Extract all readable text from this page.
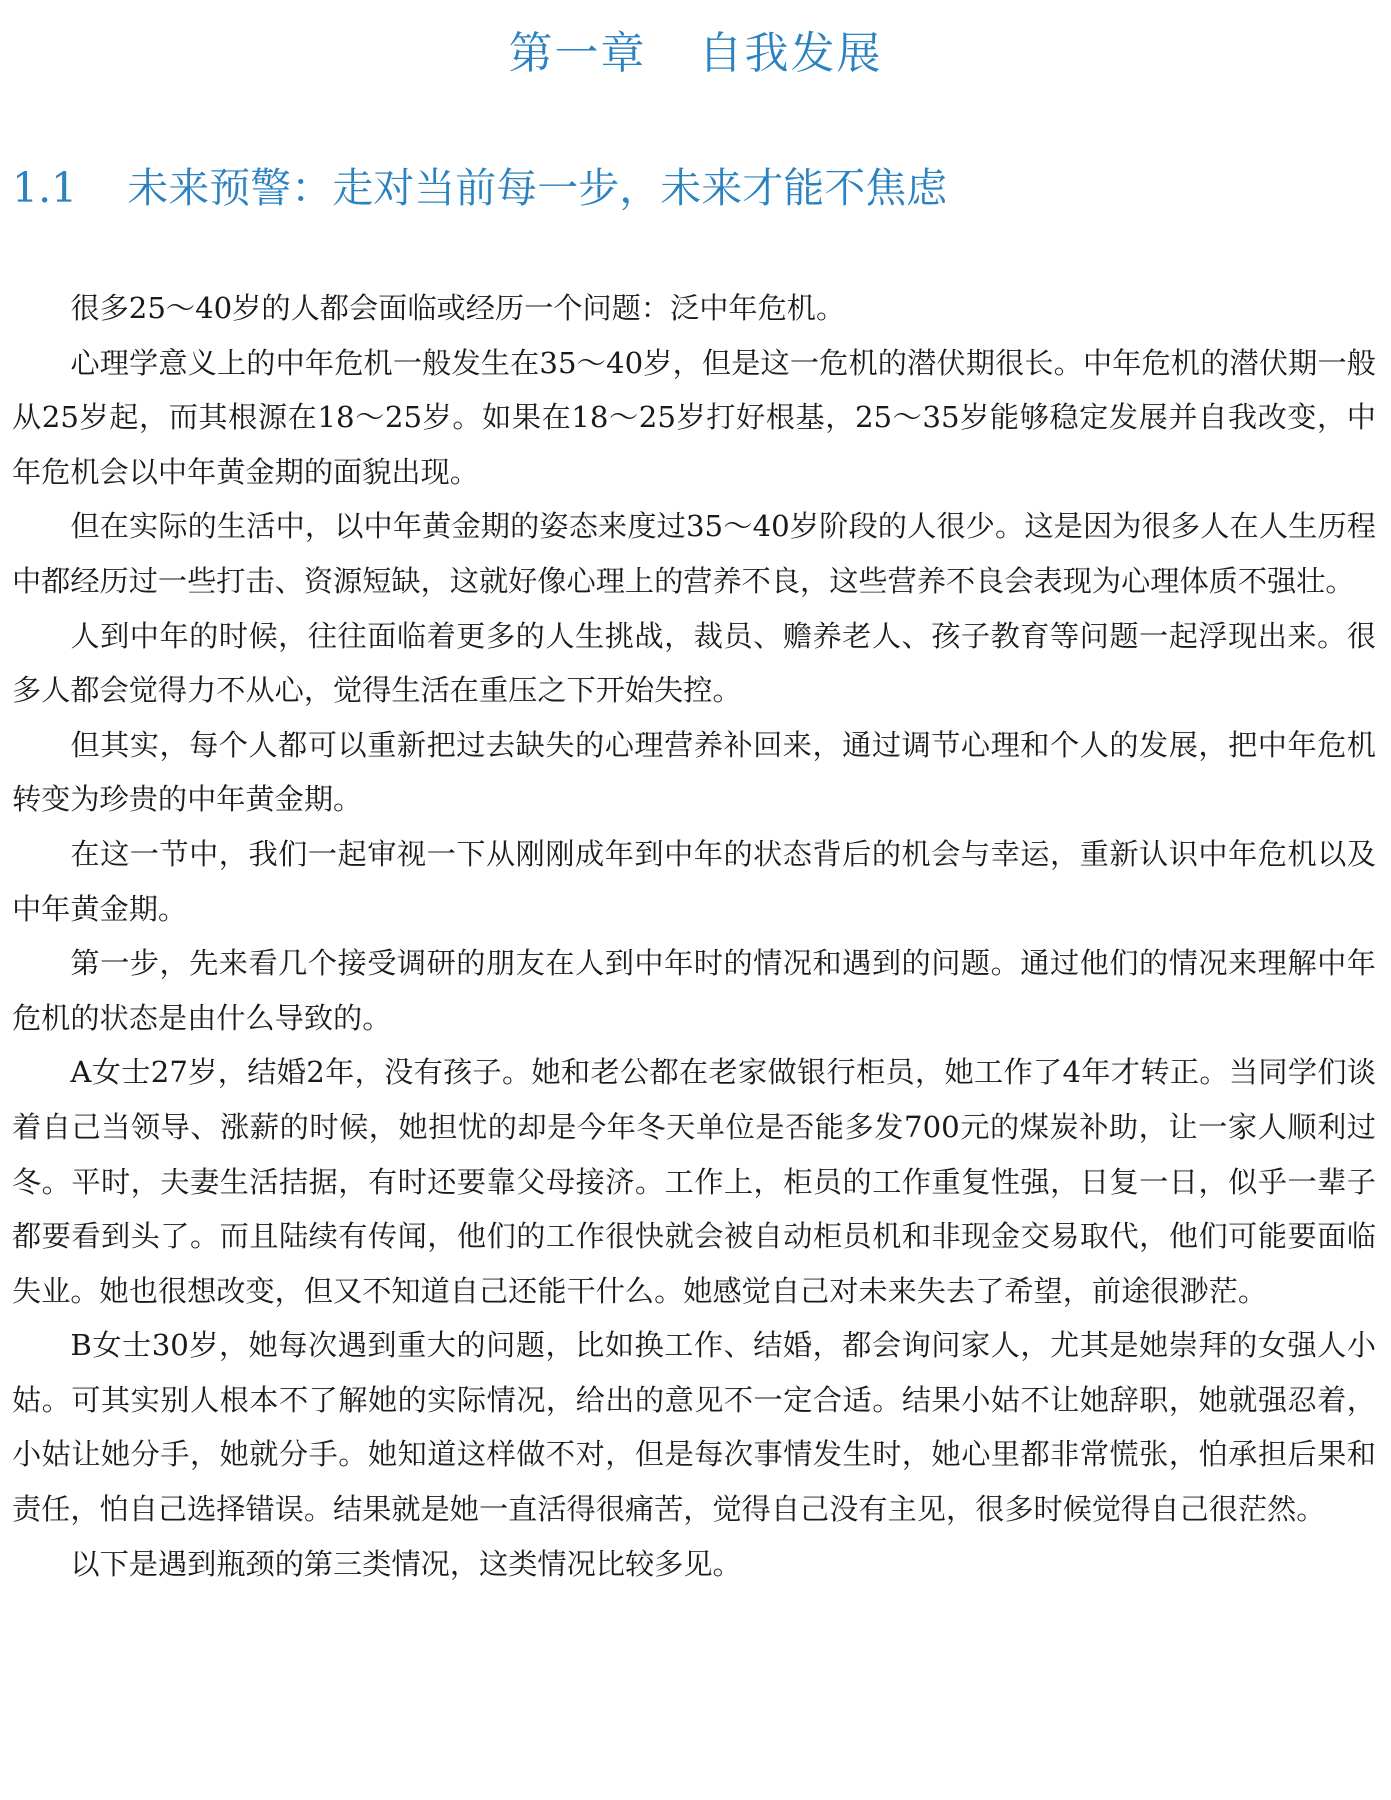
第一章 自我发展
1.1 未来预警：走对当前每一步，未来才能不焦虑

很多25～40岁的人都会面临或经历一个问题：泛中年危机。

心理学意义上的中年危机一般发生在35～40岁，但是这一危机的潜伏期很长。中年危机的潜伏期一般从25岁起，而其根源在18～25岁。如果在18～25岁打好根基，25～35岁能够稳定发展并自我改变，中年危机会以中年黄金期的面貌出现。

但在实际的生活中，以中年黄金期的姿态来度过35～40岁阶段的人很少。这是因为很多人在人生历程中都经历过一些打击、资源短缺，这就好像心理上的营养不良，这些营养不良会表现为心理体质不强壮。

人到中年的时候，往往面临着更多的人生挑战，裁员、赡养老人、孩子教育等问题一起浮现出来。很多人都会觉得力不从心，觉得生活在重压之下开始失控。

但其实，每个人都可以重新把过去缺失的心理营养补回来，通过调节心理和个人的发展，把中年危机转变为珍贵的中年黄金期。

在这一节中，我们一起审视一下从刚刚成年到中年的状态背后的机会与幸运，重新认识中年危机以及中年黄金期。

第一步，先来看几个接受调研的朋友在人到中年时的情况和遇到的问题。通过他们的情况来理解中年危机的状态是由什么导致的。

A女士27岁，结婚2年，没有孩子。她和老公都在老家做银行柜员，她工作了4年才转正。当同学们谈着自己当领导、涨薪的时候，她担忧的却是今年冬天单位是否能多发700元的煤炭补助，让一家人顺利过冬。平时，夫妻生活拮据，有时还要靠父母接济。工作上，柜员的工作重复性强，日复一日，似乎一辈子都要看到头了。而且陆续有传闻，他们的工作很快就会被自动柜员机和非现金交易取代，他们可能要面临失业。她也很想改变，但又不知道自己还能干什么。她感觉自己对未来失去了希望，前途很渺茫。

B女士30岁，她每次遇到重大的问题，比如换工作、结婚，都会询问家人，尤其是她崇拜的女强人小姑。可其实别人根本不了解她的实际情况，给出的意见不一定合适。结果小姑不让她辞职，她就强忍着，小姑让她分手，她就分手。她知道这样做不对，但是每次事情发生时，她心里都非常慌张，怕承担后果和责任，怕自己选择错误。结果就是她一直活得很痛苦，觉得自己没有主见，很多时候觉得自己很茫然。

以下是遇到瓶颈的第三类情况，这类情况比较多见。
